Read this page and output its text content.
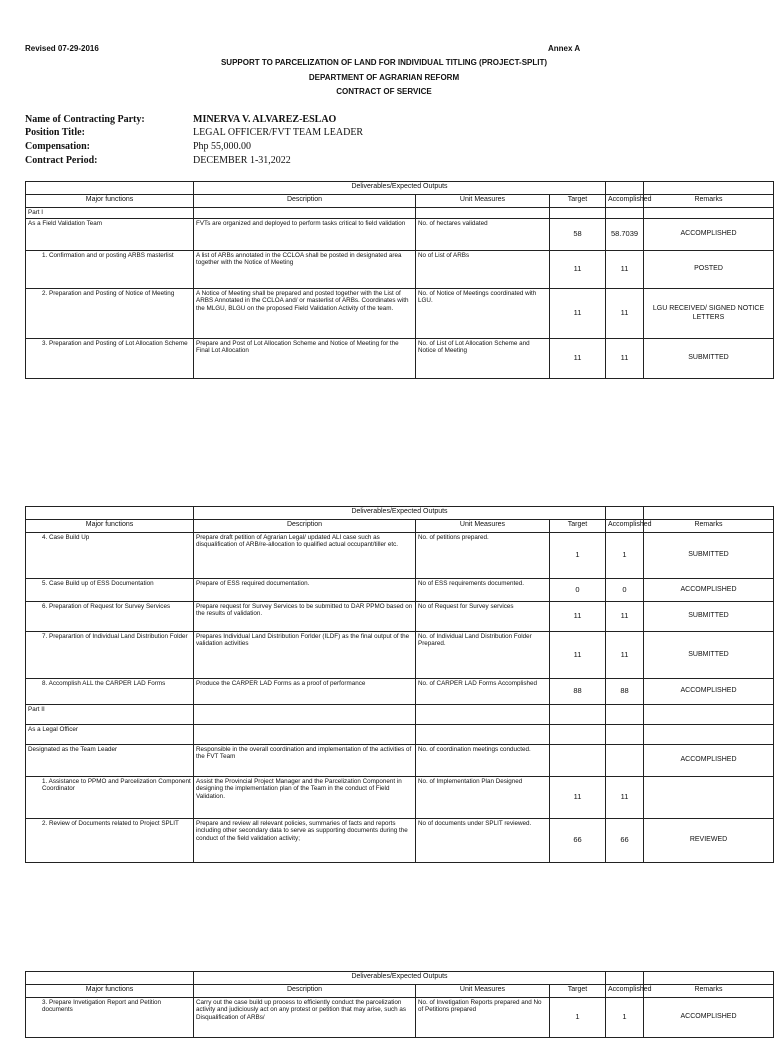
Revised 07-29-2016	Annex A
SUPPORT TO PARCELIZATION OF LAND FOR INDIVIDUAL TITLING (PROJECT-SPLIT)
DEPARTMENT OF AGRARIAN REFORM
CONTRACT OF SERVICE
Name of Contracting Party:	MINERVA V. ALVAREZ-ESLAO
Position Title:	LEGAL OFFICER/FVT TEAM LEADER
Compensation:	Php 55,000.00
Contract Period:	DECEMBER 1-31,2022
	Deliverables/Expected Outputs				
Major functions	Description	Unit Measures	Target	Accomplished	Remarks
Part I					
As a Field Validation Team	FVTs are organized and deployed to perform tasks critical to field validation	No. of hectares validated	58	58.7039	ACCOMPLISHED
1. Confirmation and or posting ARBS masterlist	A list of ARBs annotated in the CCLOA shall be posted in designated area together with the Notice of Meeting	No of List of ARBs	11	11	POSTED
2. Preparation and Posting of Notice of Meeting	A Notice of Meeting shall be prepared and posted together with the List of ARBS Annotated in the CCLOA and/ or masterlist of ARBs. Coordinates with the MLGU, BLGU on the proposed Field Validation Activity of the team.	No. of Notice of Meetings coordinated with LGU.	11	11	LGU RECEIVED/ SIGNED NOTICE LETTERS
3. Preparation and Posting of Lot Allocation Scheme	Prepare and Post of Lot Allocation Scheme and Notice of Meeting for the Final Lot Allocation	No. of List of Lot Allocation Scheme and Notice of Meeting	11	11	SUBMITTED
	Deliverables/Expected Outputs				
Major functions	Description	Unit Measures	Target	Accomplished	Remarks
4. Case Build Up	Prepare draft petition of Agrarian Legal/ updated ALI case such as disqualification of ARB/re-allocation to qualified actual occupant/tiller etc.	No. of petitions prepared.	1	1	SUBMITTED
5. Case Build up of ESS Documentation	Prepare of ESS required documentation.	No of ESS requirements documented.	0	0	ACCOMPLISHED
6. Preparation of Request for Survey Services	Prepare request for Survey Services to be submitted to DAR PPMO based on the results of validation.	No of Request for Survey services	11	11	SUBMITTED
7. Preparartion of Individual Land Distribution Folder	Prepares Individual Land Distribution Forlder (ILDF) as the final output of the validation activities	No. of Individual Land Distribution Folder Prepared.	11	11	SUBMITTED
8. Accomplish ALL the CARPER LAD Forms	Produce the CARPER LAD Forms as a proof of performance	No. of CARPER LAD Forms Accomplished	88	88	ACCOMPLISHED
Part II					
As a Legal Officer					
Designated as the Team Leader	Responsible in the overall coordination and implementation of the activities of the FVT Team	No. of coordination meetings conducted.			ACCOMPLISHED
1. Assistance to PPMO and Parcelization Component Coordinator	Assist the Provincial Project Manager and the Parcelization Component in designing the implementation plan of the Team in the conduct of Field Validation.	No. of Implementation Plan Designed	11	11	
2. Review of Documents related to Project SPLIT	Prepare and review all relevant policies, summaries of facts and reports including other secondary data to serve as supporting documents during the conduct of the field validation activity;	No of documents under SPLIT reviewed.	66	66	REVIEWED
	Deliverables/Expected Outputs				
Major functions	Description	Unit Measures	Target	Accomplished	Remarks
3. Prepare Invetigation Report and Petition documents	Carry out the case build up process to efficiently conduct the parcelization activity and judiciously act on any protest or petition that may arise, such as Disqualification of ARBs/	No. of Invetigation Reports prepared and No of Petitions prepared	1	1	ACCOMPLISHED
